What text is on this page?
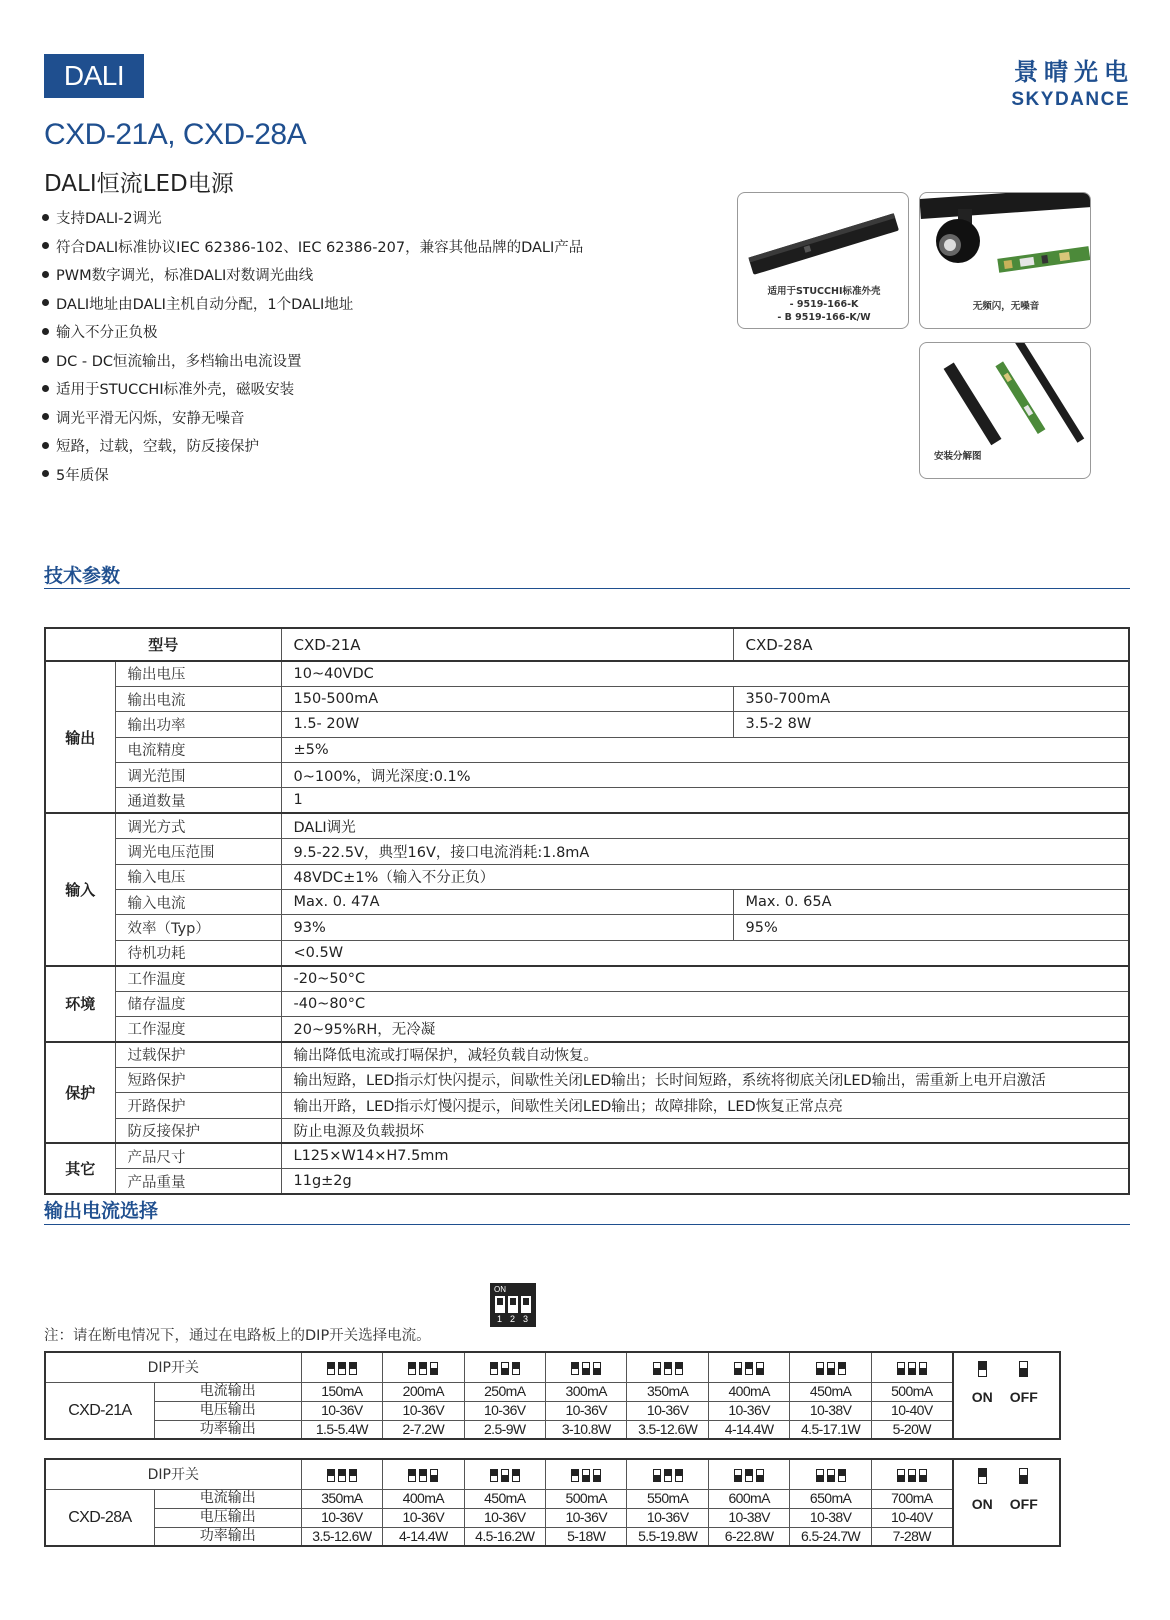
DALI	景晴光电
SKYDANCE
CXD-21A, CXD-28A
DALI恒流LED电源
支持DALI-2调光
符合DALI标准协议IEC 62386-102、IEC 62386-207，兼容其他品牌的DALI产品
PWM数字调光，标准DALI对数调光曲线
DALI地址由DALI主机自动分配，1个DALI地址
输入不分正负极
DC - DC恒流输出，多档输出电流设置
适用于STUCCHI标准外壳，磁吸安装
调光平滑无闪烁，安静无噪音
短路，过载，空载，防反接保护
5年质保
适用于STUCCHI标准外壳
- 9519-166-K
- B 9519-166-K/W
无频闪，无噪音
安装分解图
技术参数
型号		CXD-21A	CXD-28A
输出	输出电压	10~40VDC	
	输出电流	150-500mA	350-700mA
	输出功率	1.5- 20W	3.5-2 8W
	电流精度	±5%	
	调光范围	0~100%，调光深度:0.1%	
	通道数量	1	
输入	调光方式	DALI调光	
	调光电压范围	9.5-22.5V，典型16V，接口电流消耗:1.8mA	
	输入电压	48VDC±1%（输入不分正负）	
	输入电流	Max. 0. 47A	Max. 0. 65A
	效率（Typ）	93%	95%
	待机功耗	<0.5W	
环境	工作温度	-20~50°C	
	储存温度	-40~80°C	
	工作湿度	20~95%RH，无冷凝	
保护	过载保护	输出降低电流或打嗝保护，减轻负载自动恢复。	
	短路保护	输出短路，LED指示灯快闪提示，间歇性关闭LED输出；长时间短路，系统将彻底关闭LED输出，需重新上电开启激活	
	开路保护	输出开路，LED指示灯慢闪提示，间歇性关闭LED输出；故障排除，LED恢复正常点亮	
	防反接保护	防止电源及负载损坏	
其它	产品尺寸	L125×W14×H7.5mm	
	产品重量	11g±2g	
输出电流选择
注：请在断电情况下，通过在电路板上的DIP开关选择电流。
ON
1 2 3
DIP开关										ON OFF

CXD-21A	电流输出	150mA	200mA	250mA	300mA	350mA	400mA	450mA	500mA	
	电压输出	10-36V	10-36V	10-36V	10-36V	10-36V	10-36V	10-38V	10-40V	
	功率输出	1.5-5.4W	2-7.2W	2.5-9W	3-10.8W	3.5-12.6W	4-14.4W	4.5-17.1W	5-20W	
DIP开关										ON OFF

CXD-28A	电流输出	350mA	400mA	450mA	500mA	550mA	600mA	650mA	700mA	
	电压输出	10-36V	10-36V	10-36V	10-36V	10-36V	10-38V	10-38V	10-40V	
	功率输出	3.5-12.6W	4-14.4W	4.5-16.2W	5-18W	5.5-19.8W	6-22.8W	6.5-24.7W	7-28W	
